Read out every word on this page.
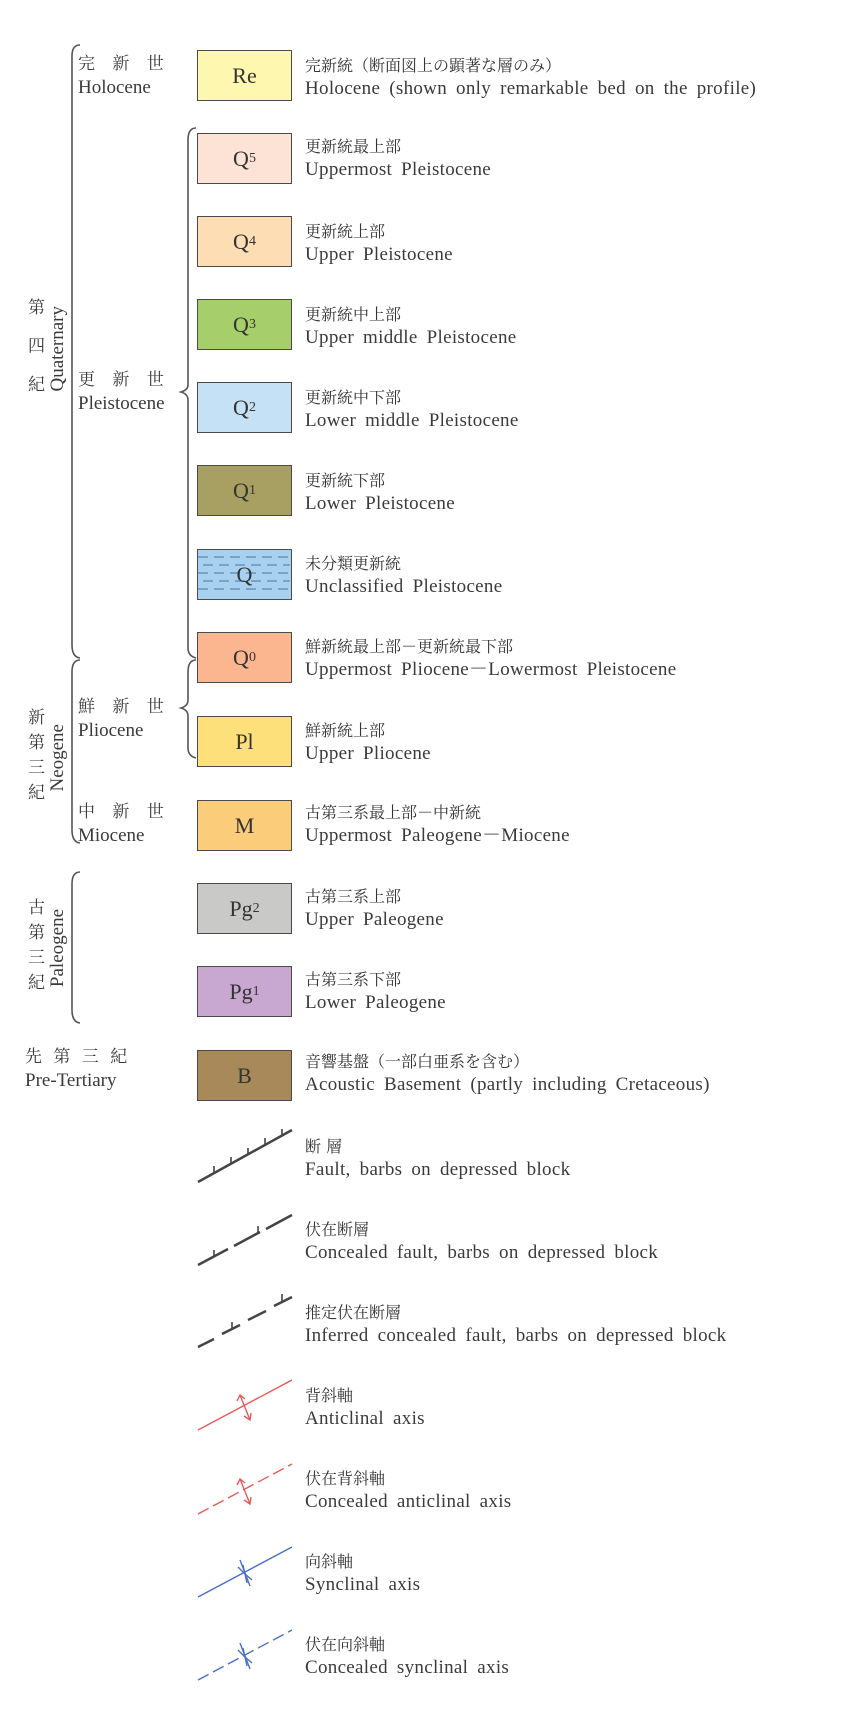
第 四 紀 Quaternary
新第三紀 Neogene
古第三紀 Paleogene
先 第 三 紀
Pre-Tertiary
完 新 世
Holocene
更 新 世
Pleistocene
鮮 新 世
Pliocene
中 新 世
Miocene
Re
Q 5
Q 4
Q 3
Q 2
Q 1
Q
Q 0
Pl
M
Pg 2
Pg 1
B
完新統（断面図上の顕著な層のみ）
Holocene (shown only remarkable bed on the profile)
更新統最上部
Uppermost Pleistocene
更新統上部
Upper Pleistocene
更新統中上部
Upper middle Pleistocene
更新統中下部
Lower middle Pleistocene
更新統下部
Lower Pleistocene
未分類更新統
Unclassified Pleistocene
鮮新統最上部－更新統最下部
Uppermost Pliocene－Lowermost Pleistocene
鮮新統上部
Upper Pliocene
古第三系最上部－中新統
Uppermost Paleogene－Miocene
古第三系上部
Upper Paleogene
古第三系下部
Lower Paleogene
音響基盤（一部白亜系を含む）
Acoustic Basement (partly including Cretaceous)
断 層
Fault, barbs on depressed block
伏在断層
Concealed fault, barbs on depressed block
推定伏在断層
Inferred concealed fault, barbs on depressed block
背斜軸
Anticlinal axis
伏在背斜軸
Concealed anticlinal axis
向斜軸
Synclinal axis
伏在向斜軸
Concealed synclinal axis
